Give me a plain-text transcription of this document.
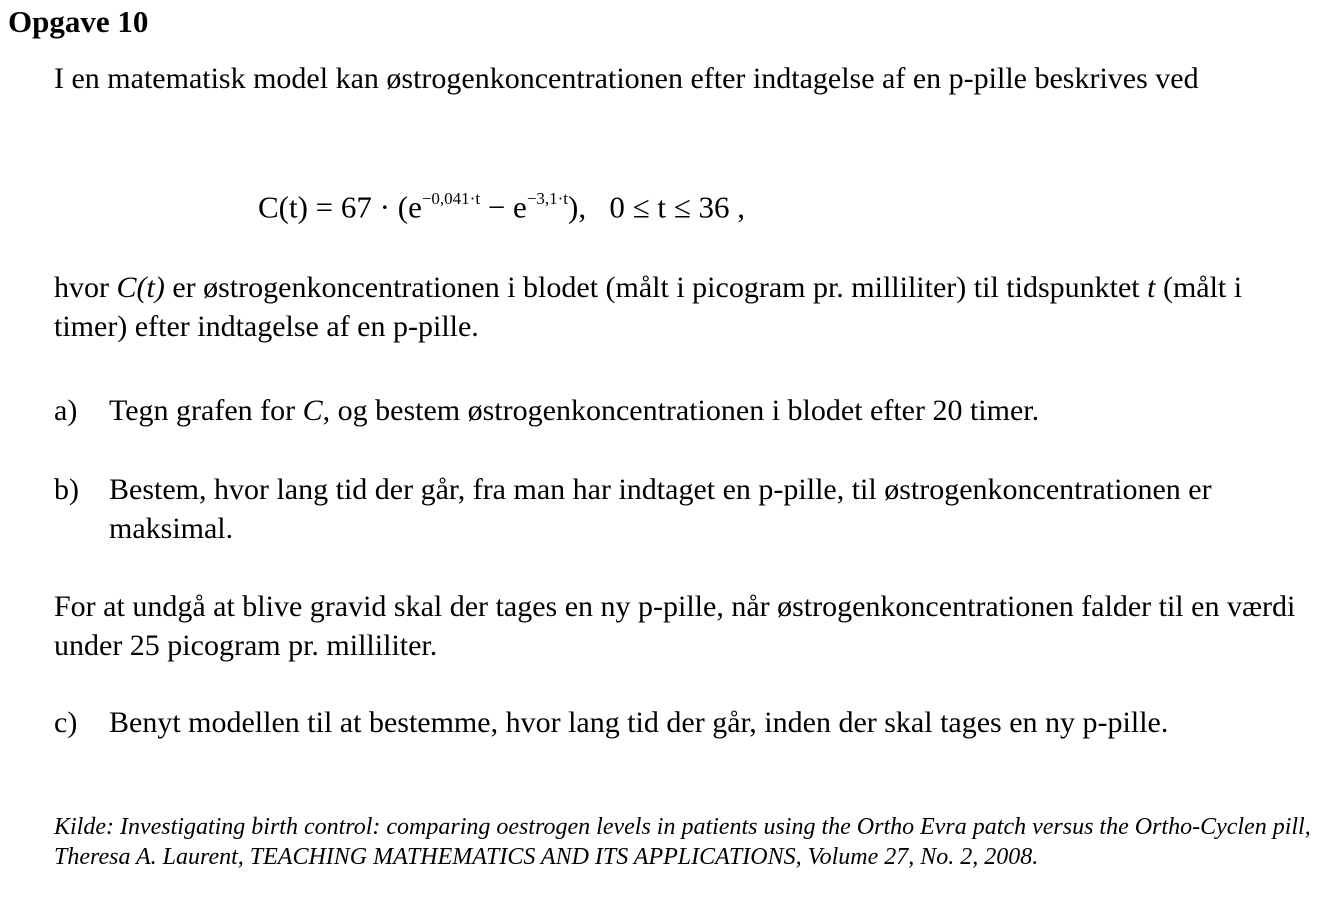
Opgave 10

I en matematisk model kan østrogenkoncentrationen efter indtagelse af en p-pille beskrives ved

$C(t) = 67 \cdot (e^{-0,041\cdot t} - e^{-3,1\cdot t})$, 0 ≤ t ≤ 36 ,

hvor C(t) er østrogenkoncentrationen i blodet (målt i picogram pr. milliliter) til tidspunktet t (målt i timer) efter indtagelse af en p-pille.

a) Tegn grafen for C, og bestem østrogenkoncentrationen i blodet efter 20 timer.
b) Bestem, hvor lang tid der går, fra man har indtaget en p-pille, til østrogenkoncentrationen er maksimal.

For at undgå at blive gravid skal der tages en ny p-pille, når østrogenkoncentrationen falder til en værdi under 25 picogram pr. milliliter.

c) Benyt modellen til at bestemme, hvor lang tid der går, inden der skal tages en ny p-pille.

Kilde: Investigating birth control: comparing oestrogen levels in patients using the Ortho Evra patch versus the Ortho-Cyclen pill, Theresa A. Laurent, TEACHING MATHEMATICS AND ITS APPLICATIONS, Volume 27, No. 2, 2008.
